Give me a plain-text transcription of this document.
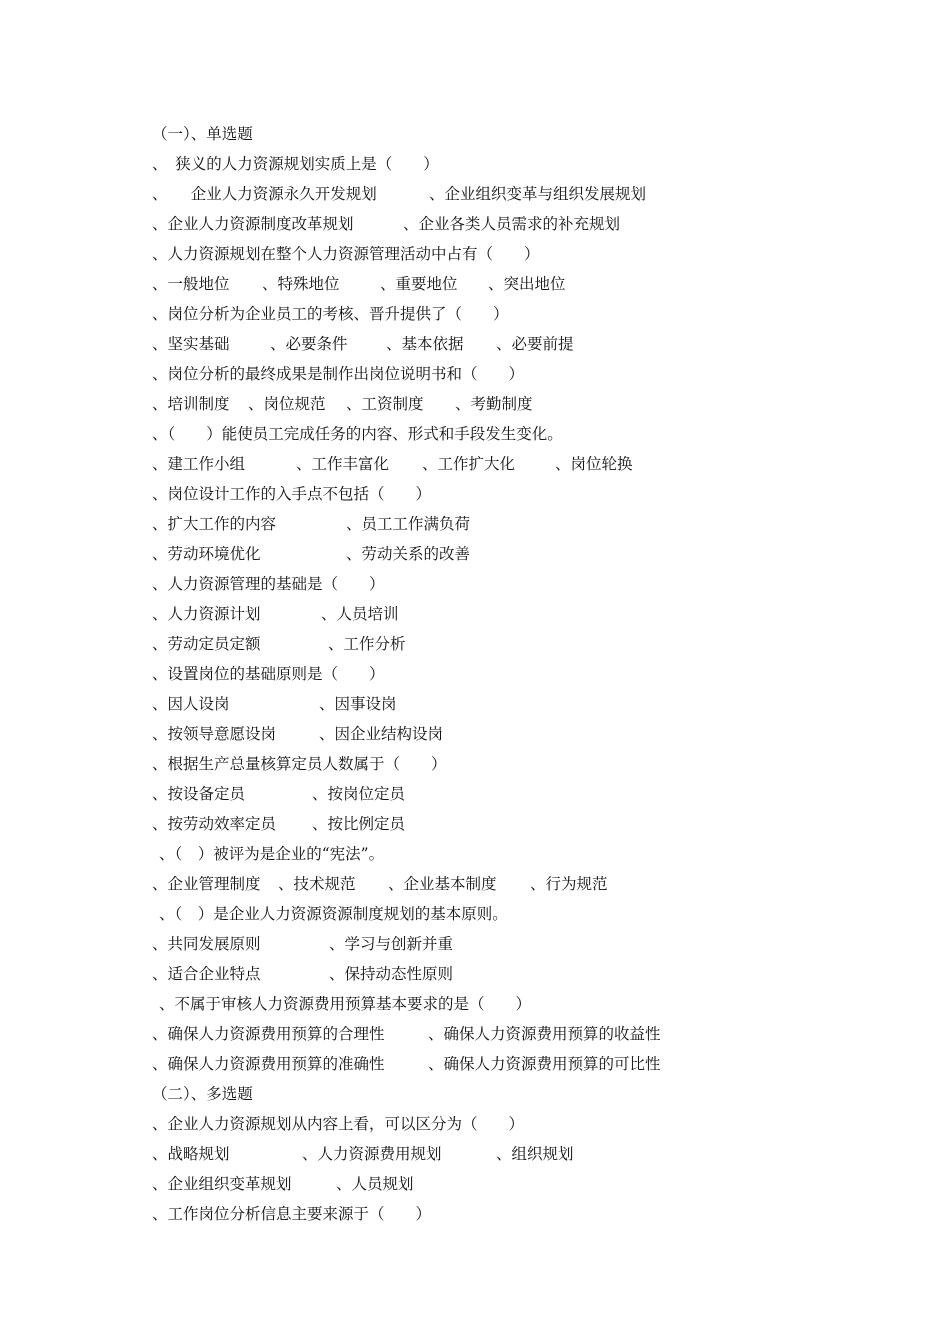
（一）、单选题
、　狭义的人力资源规划实质上是（　　）

、　　企业人力资源永久开发规划

	、企业组织变革与组织发展规划

、企业人力资源制度改革规划

	、企业各类人员需求的补充规划

、人力资源规划在整个人力资源管理活动中占有（　　）

、一般地位

、特殊地位

	、重要地位

、突出地位

、岗位分析为企业员工的考核、晋升提供了（　　）

、坚实基础

	、必要条件

、基本依据

、必要前提

、岗位分析的最终成果是制作出岗位说明书和（　　）

、培训制度

、岗位规范

、工资制度

、考勤制度

、（　　）能使员工完成任务的内容、形式和手段发生变化。

、建工作小组

	、工作丰富化

、工作扩大化

	、岗位轮换

、岗位设计工作的入手点不包括（　　）

、扩大工作的内容

	、员工工作满负荷

、劳动环境优化

	、劳动关系的改善

、人力资源管理的基础是（　　）

、人力资源计划

	、人员培训

、劳动定员定额

	、工作分析

、设置岗位的基础原则是（　　）

、因人设岗

	、因事设岗

、按领导意愿设岗

	、因企业结构设岗

、根据生产总量核算定员人数属于（　　）

、按设备定员

	、按岗位定员

、按劳动效率定员

、按比例定员

、（　）被评为是企业的“宪法”。

、企业管理制度

、技术规范

、企业基本制度

、行为规范

、（　）是企业人力资源资源制度规划的基本原则。

、共同发展原则

	、学习与创新并重

、适合企业特点

	、保持动态性原则

、不属于审核人力资源费用预算基本要求的是（　　）

、确保人力资源费用预算的合理性

	、确保人力资源费用预算的收益性

、确保人力资源费用预算的准确性

	、确保人力资源费用预算的可比性

（二）、多选题
、企业人力资源规划从内容上看，可以区分为（　　）

、战略规划

	、人力资源费用规划

	、组织规划

、企业组织变革规划

	、人员规划

、工作岗位分析信息主要来源于（　　）
